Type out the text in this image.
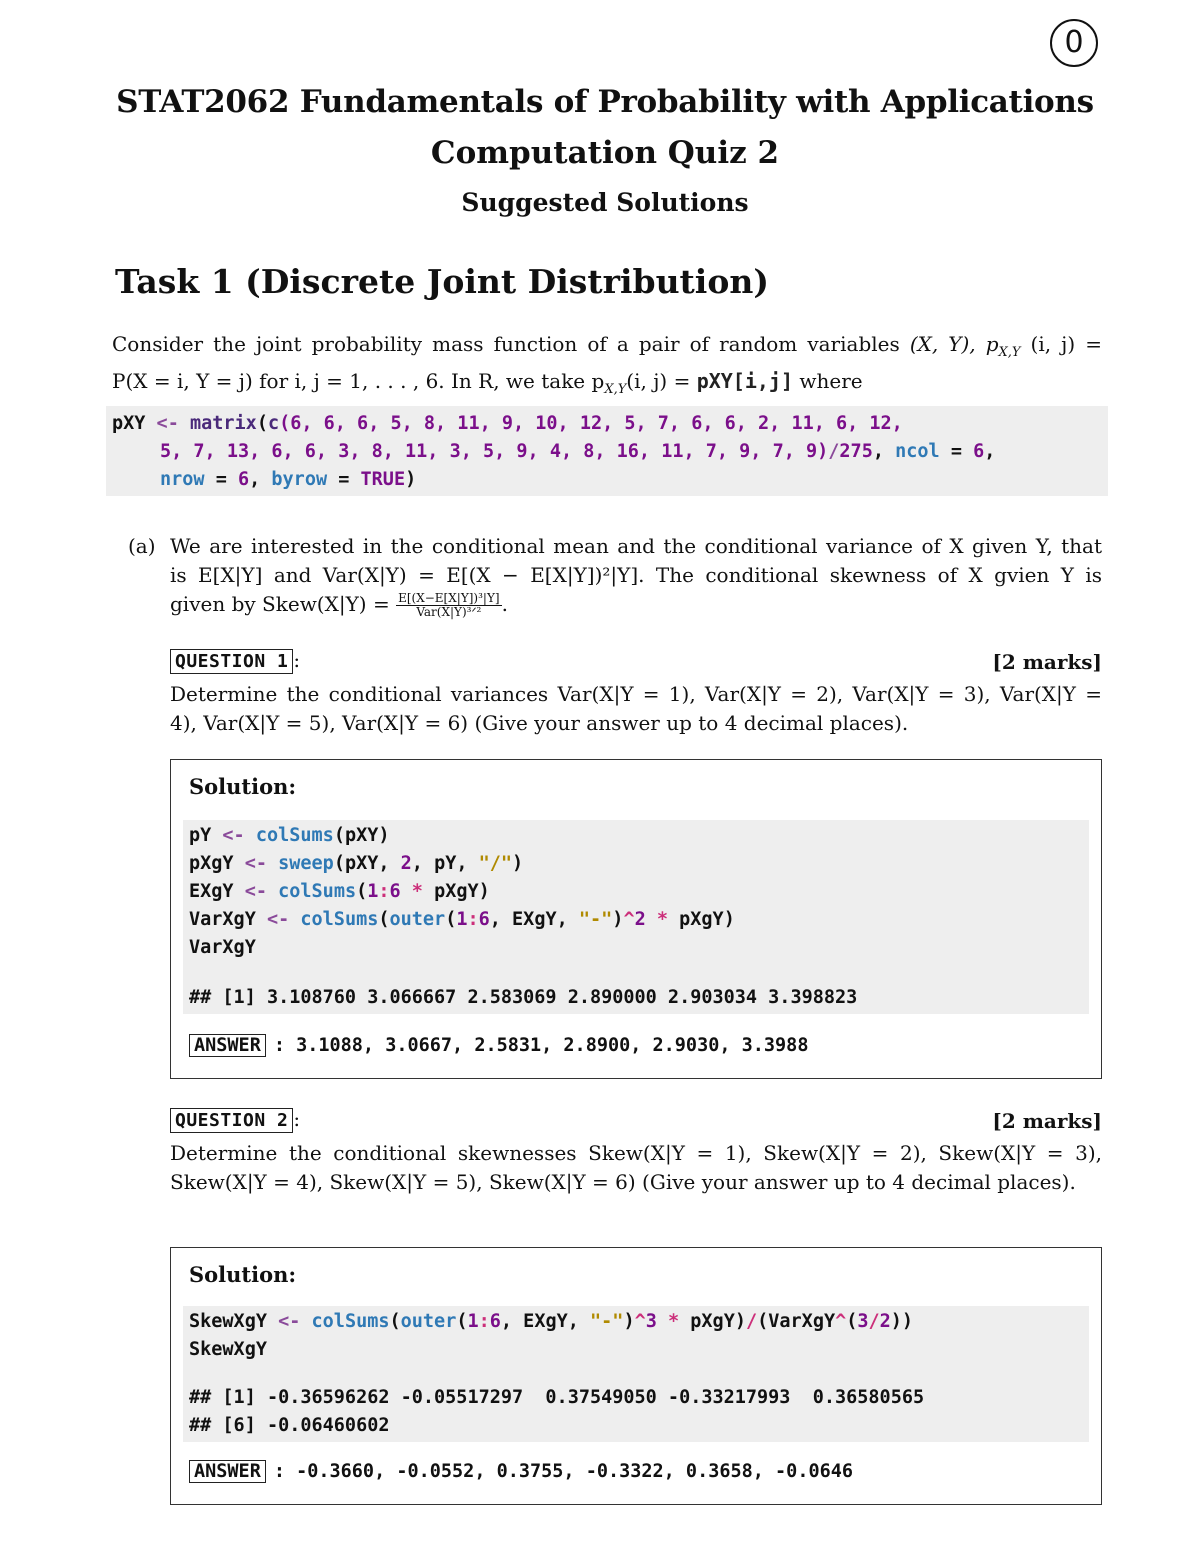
0
STAT2062 Fundamentals of Probability with Applications
Computation Quiz 2
Suggested Solutions
Task 1 (Discrete Joint Distribution)
Consider the joint probability mass function of a pair of random variables (X, Y), $p_{X,Y}$ (i, j) =
P(X = i, Y = j) for i, j = 1, . . . , 6. In R, we take $p_{X,Y}(i$, j) = pXY[i,j] where
pXY <- matrix(c(6, 6, 6, 5, 8, 11, 9, 10, 12, 5, 7, 6, 6, 2, 11, 6, 12,
5, 7, 13, 6, 6, 3, 8, 11, 3, 5, 9, 4, 8, 16, 11, 7, 9, 7, 9)/275, ncol = 6,
nrow = 6, byrow = TRUE)
(a) We are interested in the conditional mean and the conditional variance of X given Y, that
is E[X|Y] and Var(X|Y) = E[(X − E[X|Y])²|Y]. The conditional skewness of X gvien Y is
given by Skew(X|Y) = $\frac{\text{E[(X−E[X|Y])³|Y]}}{\text{Var(X|Y)³ᐟ²}}$ .
QUESTION 1 :	[2 marks]
Determine the conditional variances Var(X|Y = 1), Var(X|Y = 2), Var(X|Y = 3), Var(X|Y =
4), Var(X|Y = 5), Var(X|Y = 6) (Give your answer up to 4 decimal places).
Solution:
pY <- colSums(pXY)
pXgY <- sweep(pXY, 2, pY, "/")
EXgY <- colSums(1:6 * pXgY)
VarXgY <- colSums(outer(1:6, EXgY, "-")^2 * pXgY)
VarXgY
## [1] 3.108760 3.066667 2.583069 2.890000 2.903034 3.398823
ANSWER : 3.1088, 3.0667, 2.5831, 2.8900, 2.9030, 3.3988
QUESTION 2 :	[2 marks]
Determine the conditional skewnesses Skew(X|Y = 1), Skew(X|Y = 2), Skew(X|Y = 3),
Skew(X|Y = 4), Skew(X|Y = 5), Skew(X|Y = 6) (Give your answer up to 4 decimal places).
Solution:
SkewXgY <- colSums(outer(1:6, EXgY, "-")^3 * pXgY)/(VarXgY^(3/2))
SkewXgY
## [1] -0.36596262 -0.05517297  0.37549050 -0.33217993  0.36580565
## [6] -0.06460602
ANSWER : -0.3660, -0.0552, 0.3755, -0.3322, 0.3658, -0.0646
